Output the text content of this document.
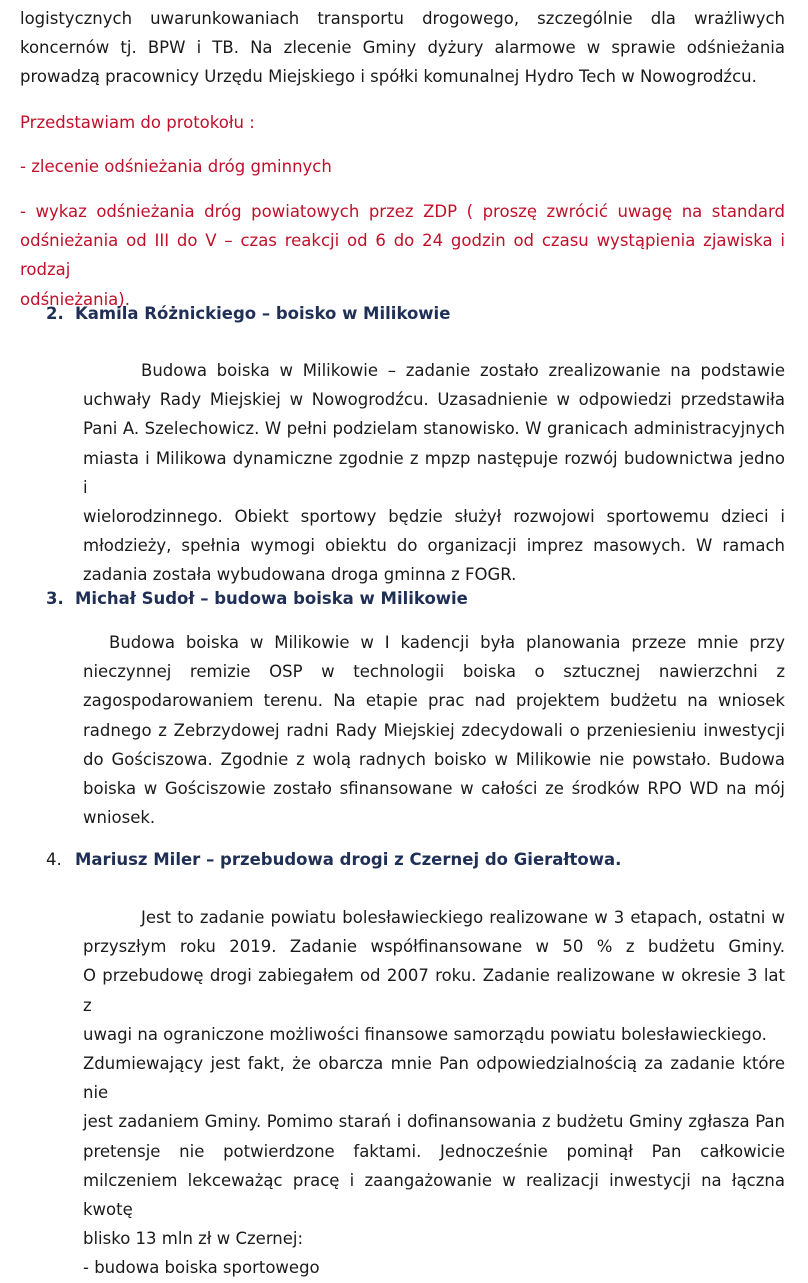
logistycznych uwarunkowaniach transportu drogowego, szczególnie dla wrażliwych
koncernów tj. BPW i TB. Na zlecenie Gminy dyżury alarmowe w sprawie odśnieżania
prowadzą pracownicy Urzędu Miejskiego i spółki komunalnej Hydro Tech w Nowogrodźcu.
Przedstawiam do protokołu :
- zlecenie odśnieżania dróg gminnych
- wykaz odśnieżania dróg powiatowych przez ZDP ( proszę zwrócić uwagę na standard
odśnieżania od III do V – czas reakcji od 6 do 24 godzin od czasu wystąpienia zjawiska i rodzaj
odśnieżania).
2. Kamila Różnickiego – boisko w Milikowie
Budowa boiska w Milikowie – zadanie zostało zrealizowanie na podstawie
uchwały Rady Miejskiej w Nowogrodźcu. Uzasadnienie w odpowiedzi przedstawiła
Pani A. Szelechowicz. W pełni podzielam stanowisko. W granicach administracyjnych
miasta i Milikowa dynamiczne zgodnie z mpzp następuje rozwój budownictwa jedno i
wielorodzinnego. Obiekt sportowy będzie służył rozwojowi sportowemu dzieci i
młodzieży, spełnia wymogi obiektu do organizacji imprez masowych. W ramach
zadania została wybudowana droga gminna z FOGR.
3. Michał Sudoł – budowa boiska w Milikowie
Budowa boiska w Milikowie w I kadencji była planowania przeze mnie przy
nieczynnej remizie OSP w technologii boiska o sztucznej nawierzchni z
zagospodarowaniem terenu. Na etapie prac nad projektem budżetu na wniosek
radnego z Zebrzydowej radni Rady Miejskiej zdecydowali o przeniesieniu inwestycji
do Gościszowa. Zgodnie z wolą radnych boisko w Milikowie nie powstało. Budowa
boiska w Gościszowie zostało sfinansowane w całości ze środków RPO WD na mój
wniosek.
4. Mariusz Miler – przebudowa drogi z Czernej do Gierałtowa.
Jest to zadanie powiatu bolesławieckiego realizowane w 3 etapach, ostatni w
przyszłym roku 2019. Zadanie współfinansowane w 50 % z budżetu Gminy.
O przebudowę drogi zabiegałem od 2007 roku. Zadanie realizowane w okresie 3 lat z
uwagi na ograniczone możliwości finansowe samorządu powiatu bolesławieckiego.
Zdumiewający jest fakt, że obarcza mnie Pan odpowiedzialnością za zadanie które nie
jest zadaniem Gminy. Pomimo starań i dofinansowania z budżetu Gminy zgłasza Pan
pretensje nie potwierdzone faktami. Jednocześnie pominął Pan całkowicie
milczeniem lekceważąc pracę i zaangażowanie w realizacji inwestycji na łączna kwotę
blisko 13 mln zł w Czernej:
- budowa boiska sportowego
